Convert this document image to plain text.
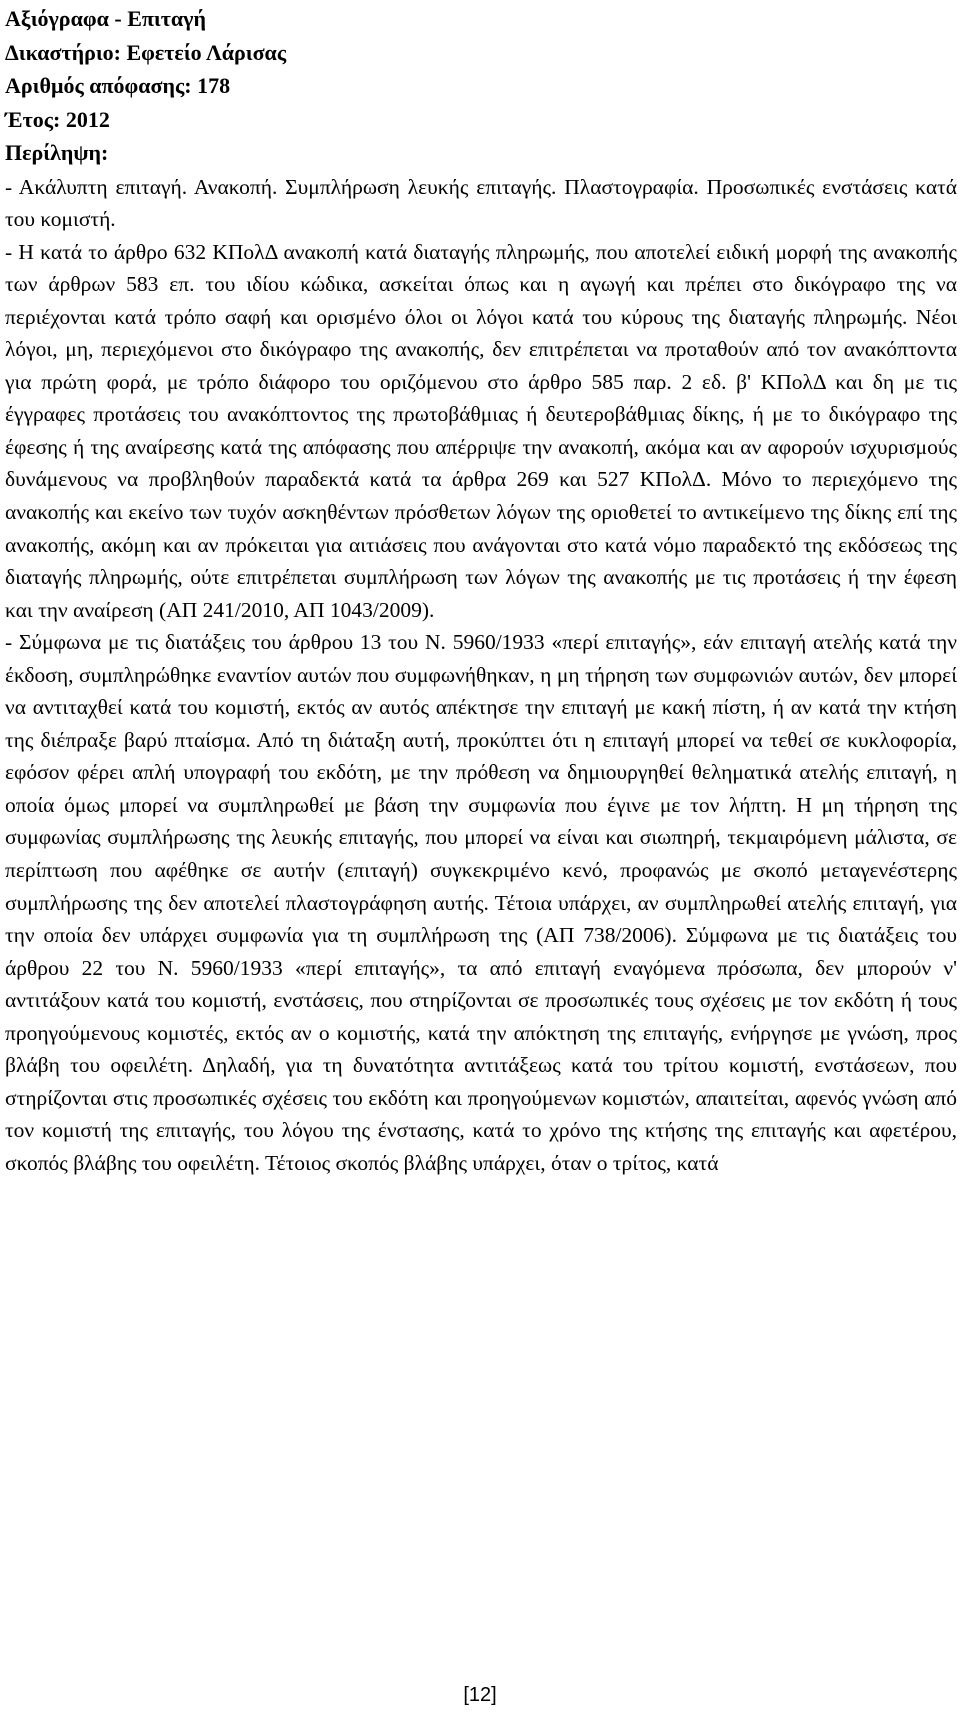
Αξιόγραφα - Επιταγή
Δικαστήριο: Εφετείο Λάρισας
Αριθμός απόφασης: 178
Έτος: 2012
Περίληψη:

- Ακάλυπτη επιταγή. Ανακοπή. Συμπλήρωση λευκής επιταγής. Πλαστογραφία. Προσωπικές ενστάσεις κατά του κομιστή.

- Η κατά το άρθρο 632 ΚΠολΔ ανακοπή κατά διαταγής πληρωμής, που αποτελεί ειδική μορφή της ανακοπής των άρθρων 583 επ. του ιδίου κώδικα, ασκείται όπως και η αγωγή και πρέπει στο δικόγραφο της να περιέχονται κατά τρόπο σαφή και ορισμένο όλοι οι λόγοι κατά του κύρους της διαταγής πληρωμής. Νέοι λόγοι, μη, περιεχόμενοι στο δικόγραφο της ανακοπής, δεν επιτρέπεται να προταθούν από τον ανακόπτοντα για πρώτη φορά, με τρόπο διάφορο του οριζόμενου στο άρθρο 585 παρ. 2 εδ. β' ΚΠολΔ και δη με τις έγγραφες προτάσεις του ανακόπτοντος της πρωτοβάθμιας ή δευτεροβάθμιας δίκης, ή με το δικόγραφο της έφεσης ή της αναίρεσης κατά της απόφασης που απέρριψε την ανακοπή, ακόμα και αν αφορούν ισχυρισμούς δυνάμενους να προβληθούν παραδεκτά κατά τα άρθρα 269 και 527 ΚΠολΔ. Μόνο το περιεχόμενο της ανακοπής και εκείνο των τυχόν ασκηθέντων πρόσθετων λόγων της οριοθετεί το αντικείμενο της δίκης επί της ανακοπής, ακόμη και αν πρόκειται για αιτιάσεις που ανάγονται στο κατά νόμο παραδεκτό της εκδόσεως της διαταγής πληρωμής, ούτε επιτρέπεται συμπλήρωση των λόγων της ανακοπής με τις προτάσεις ή την έφεση και την αναίρεση (ΑΠ 241/2010, ΑΠ 1043/2009).

- Σύμφωνα με τις διατάξεις του άρθρου 13 του Ν. 5960/1933 «περί επιταγής», εάν επιταγή ατελής κατά την έκδοση, συμπληρώθηκε εναντίον αυτών που συμφωνήθηκαν, η μη τήρηση των συμφωνιών αυτών, δεν μπορεί να αντιταχθεί κατά του κομιστή, εκτός αν αυτός απέκτησε την επιταγή με κακή πίστη, ή αν κατά την κτήση της διέπραξε βαρύ πταίσμα. Από τη διάταξη αυτή, προκύπτει ότι η επιταγή μπορεί να τεθεί σε κυκλοφορία, εφόσον φέρει απλή υπογραφή του εκδότη, με την πρόθεση να δημιουργηθεί θεληματικά ατελής επιταγή, η οποία όμως μπορεί να συμπληρωθεί με βάση την συμφωνία που έγινε με τον λήπτη. Η μη τήρηση της συμφωνίας συμπλήρωσης της λευκής επιταγής, που μπορεί να είναι και σιωπηρή, τεκμαιρόμενη μάλιστα, σε περίπτωση που αφέθηκε σε αυτήν (επιταγή) συγκεκριμένο κενό, προφανώς με σκοπό μεταγενέστερης συμπλήρωσης της δεν αποτελεί πλαστογράφηση αυτής. Τέτοια υπάρχει, αν συμπληρωθεί ατελής επιταγή, για την οποία δεν υπάρχει συμφωνία για τη συμπλήρωση της (ΑΠ 738/2006). Σύμφωνα με τις διατάξεις του άρθρου 22 του Ν. 5960/1933 «περί επιταγής», τα από επιταγή εναγόμενα πρόσωπα, δεν μπορούν ν' αντιτάξουν κατά του κομιστή, ενστάσεις, που στηρίζονται σε προσωπικές τους σχέσεις με τον εκδότη ή τους προηγούμενους κομιστές, εκτός αν ο κομιστής, κατά την απόκτηση της επιταγής, ενήργησε με γνώση, προς βλάβη του οφειλέτη. Δηλαδή, για τη δυνατότητα αντιτάξεως κατά του τρίτου κομιστή, ενστάσεων, που στηρίζονται στις προσωπικές σχέσεις του εκδότη και προηγούμενων κομιστών, απαιτείται, αφενός γνώση από τον κομιστή της επιταγής, του λόγου της ένστασης, κατά το χρόνο της κτήσης της επιταγής και αφετέρου, σκοπός βλάβης του οφειλέτη. Τέτοιος σκοπός βλάβης υπάρχει, όταν ο τρίτος, κατά

[12]
